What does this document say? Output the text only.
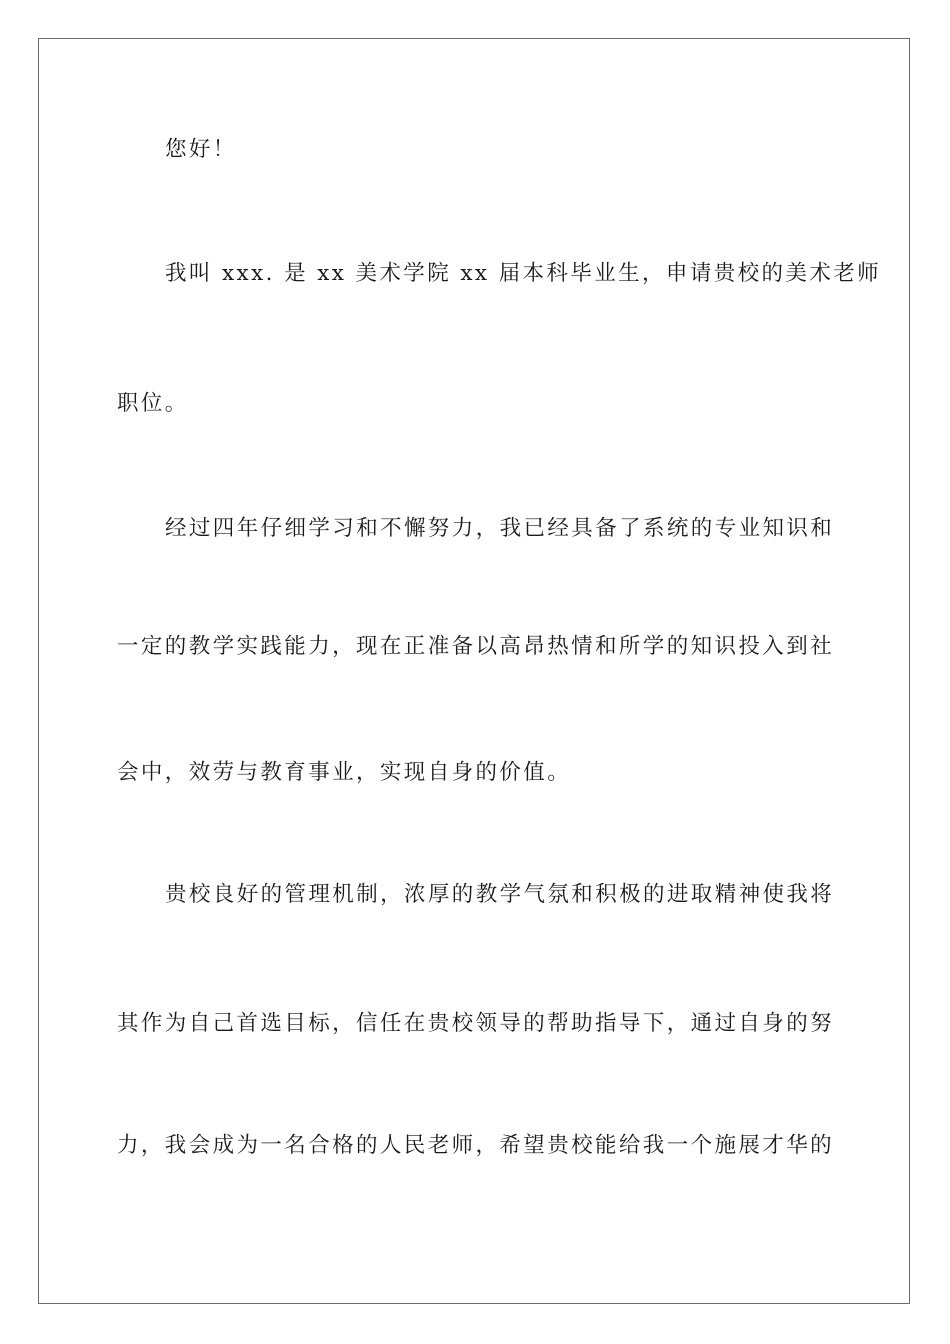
您好！
我叫 xxx. 是 xx 美术学院 xx 届本科毕业生，申请贵校的美术老师
职位。
经过四年仔细学习和不懈努力，我已经具备了系统的专业知识和
一定的教学实践能力，现在正准备以高昂热情和所学的知识投入到社
会中，效劳与教育事业，实现自身的价值。
贵校良好的管理机制，浓厚的教学气氛和积极的进取精神使我将
其作为自己首选目标，信任在贵校领导的帮助指导下，通过自身的努
力，我会成为一名合格的人民老师，希望贵校能给我一个施展才华的
